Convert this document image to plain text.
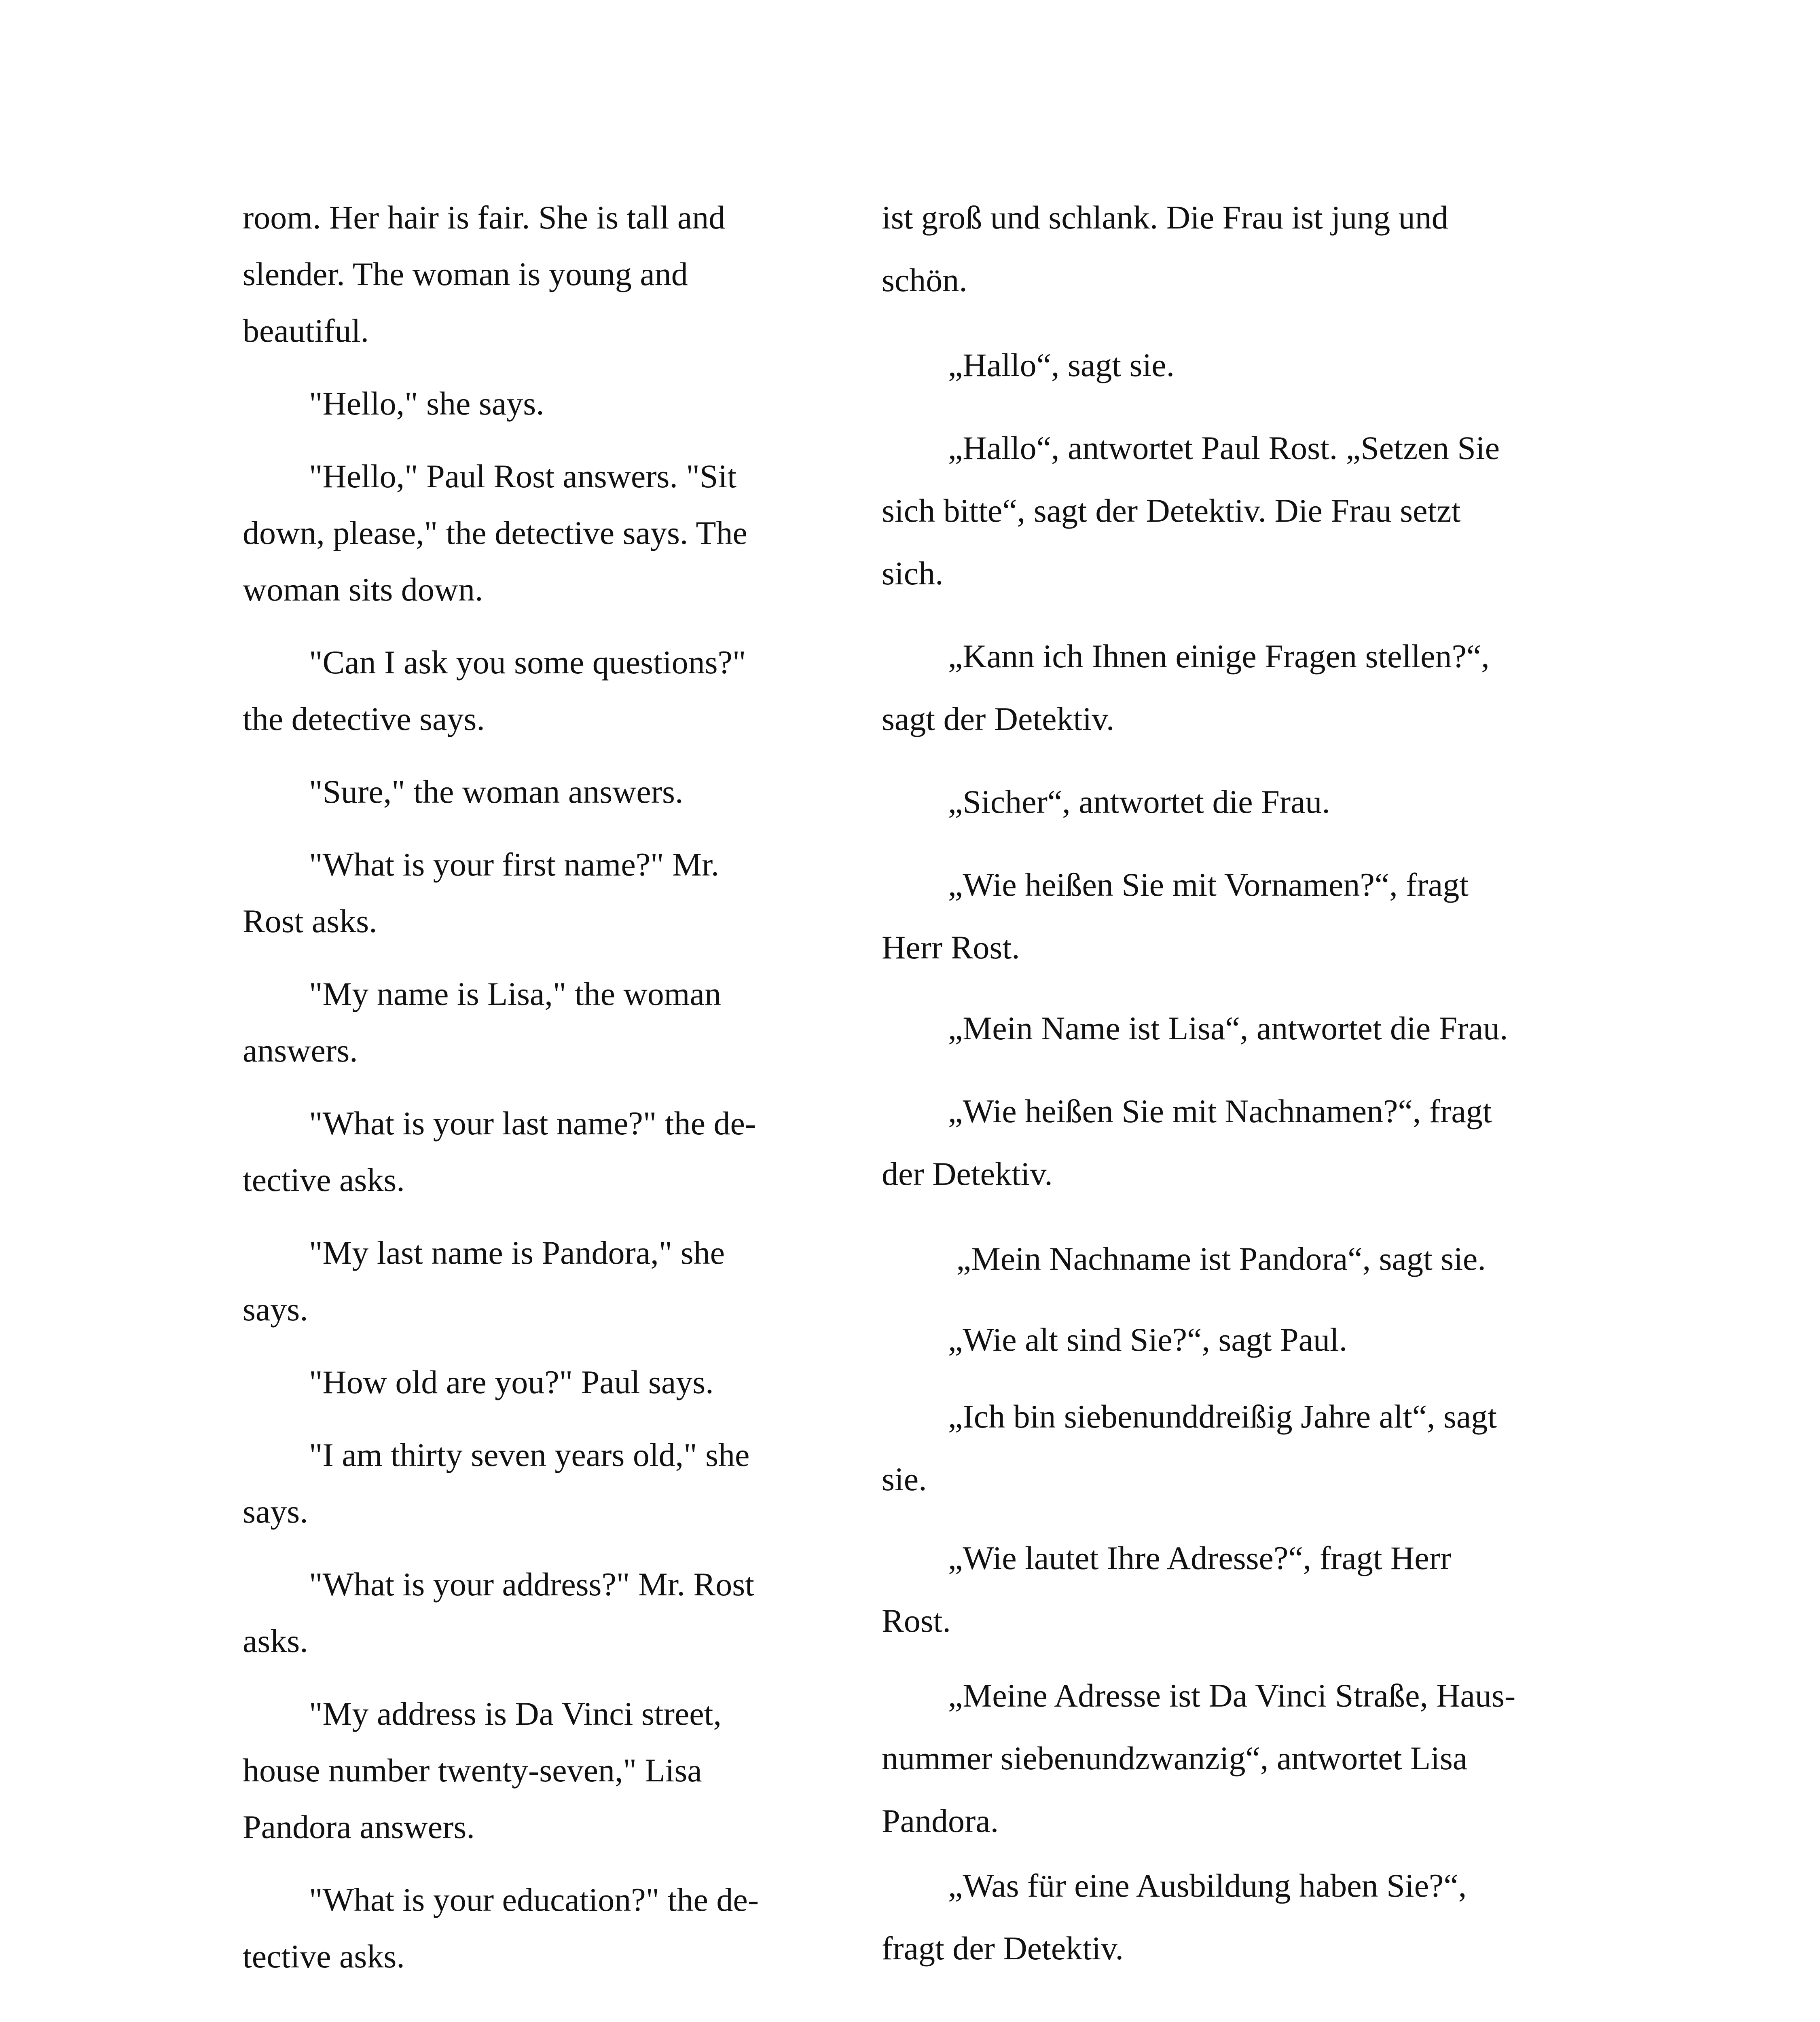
room. Her hair is fair. She is tall and
slender. The woman is young and
beautiful.

  "Hello," she says.

  "Hello," Paul Rost answers. "Sit
down, please," the detective says. The
woman sits down.

  "Can I ask you some questions?"
the detective says.

  "Sure," the woman answers.

  "What is your first name?" Mr.
Rost asks.

  "My name is Lisa," the woman
answers.

  "What is your last name?" the de-
tective asks.

  "My last name is Pandora," she
says.

  "How old are you?" Paul says.

  "I am thirty seven years old," she
says.

  "What is your address?" Mr. Rost
asks.

  "My address is Da Vinci street,
house number twenty-seven," Lisa
Pandora answers.

  "What is your education?" the de-
tective asks.

ist groß und schlank. Die Frau ist jung und
schön.

  „Hallo“, sagt sie.

  „Hallo“, antwortet Paul Rost. „Setzen Sie
sich bitte“, sagt der Detektiv. Die Frau setzt
sich.

  „Kann ich Ihnen einige Fragen stellen?“,
sagt der Detektiv.

  „Sicher“, antwortet die Frau.

  „Wie heißen Sie mit Vornamen?“, fragt
Herr Rost.

  „Mein Name ist Lisa“, antwortet die Frau.

  „Wie heißen Sie mit Nachnamen?“, fragt
der Detektiv.

   „Mein Nachname ist Pandora“, sagt sie.

  „Wie alt sind Sie?“, sagt Paul.

  „Ich bin siebenunddreißig Jahre alt“, sagt
sie.

  „Wie lautet Ihre Adresse?“, fragt Herr
Rost.

  „Meine Adresse ist Da Vinci Straße, Haus-
nummer siebenundzwanzig“, antwortet Lisa
Pandora.

  „Was für eine Ausbildung haben Sie?“,
fragt der Detektiv.
